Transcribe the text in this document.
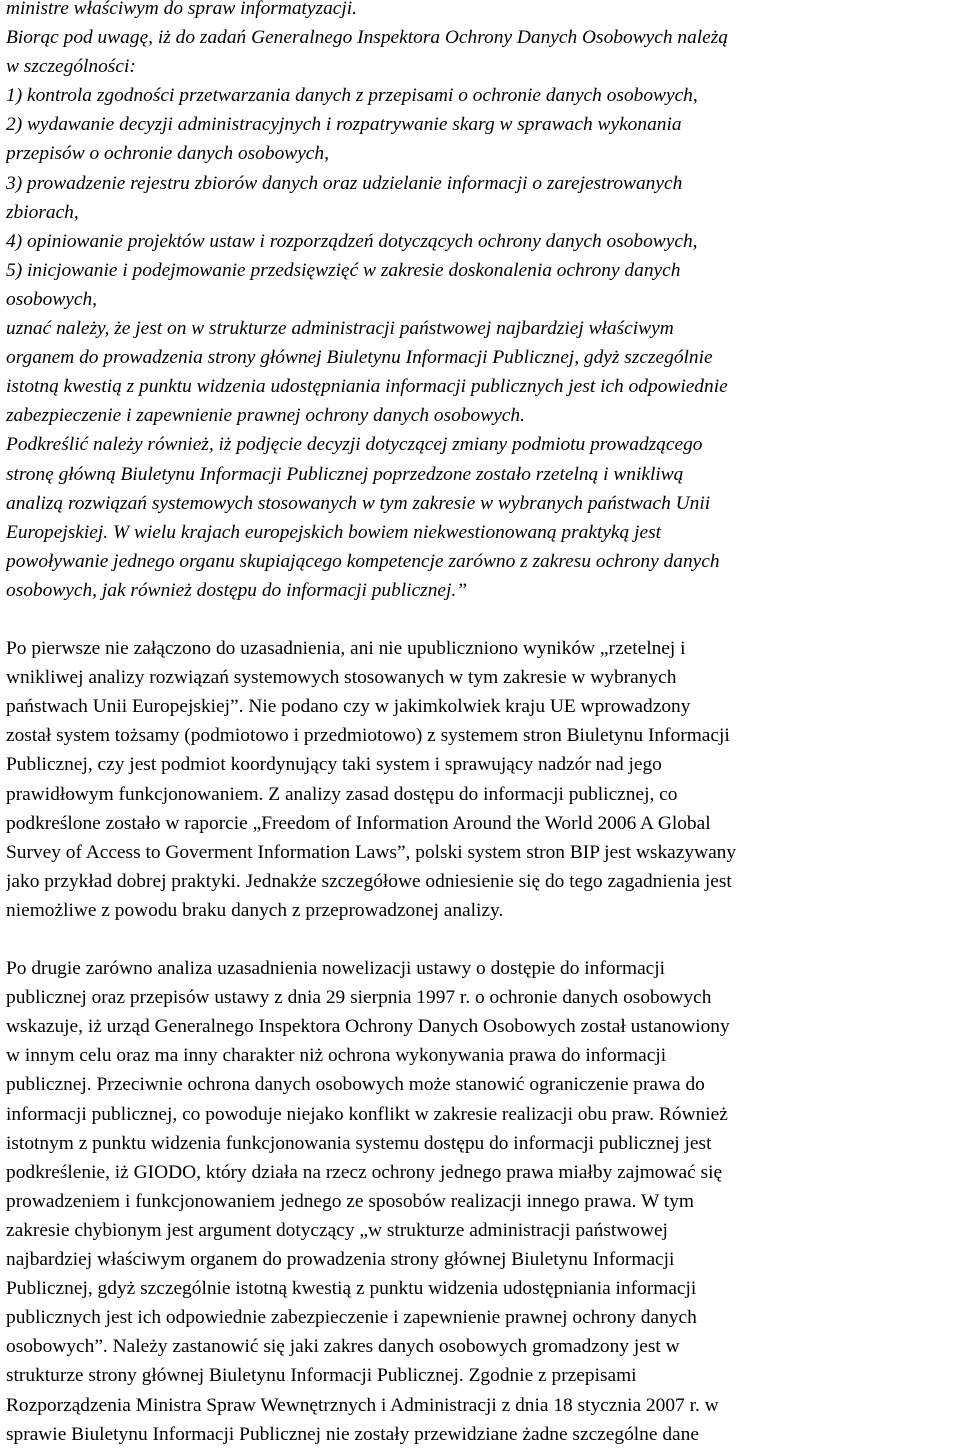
ministre właściwym do spraw informatyzacji.
Biorąc pod uwagę, iż do zadań Generalnego Inspektora Ochrony Danych Osobowych należą
w szczególności:
1) kontrola zgodności przetwarzania danych z przepisami o ochronie danych osobowych,
2) wydawanie decyzji administracyjnych i rozpatrywanie skarg w sprawach wykonania
przepisów o ochronie danych osobowych,
3) prowadzenie rejestru zbiorów danych oraz udzielanie informacji o zarejestrowanych
zbiorach,
4) opiniowanie projektów ustaw i rozporządzeń dotyczących ochrony danych osobowych,
5) inicjowanie i podejmowanie przedsięwzięć w zakresie doskonalenia ochrony danych
osobowych,
uznać należy, że jest on w strukturze administracji państwowej najbardziej właściwym
organem do prowadzenia strony głównej Biuletynu Informacji Publicznej, gdyż szczególnie
istotną kwestią z punktu widzenia udostępniania informacji publicznych jest ich odpowiednie
zabezpieczenie i zapewnienie prawnej ochrony danych osobowych.
Podkreślić należy również, iż podjęcie decyzji dotyczącej zmiany podmiotu prowadzącego
stronę główną Biuletynu Informacji Publicznej poprzedzone zostało rzetelną i wnikliwą
analizą rozwiązań systemowych stosowanych w tym zakresie w wybranych państwach Unii
Europejskiej. W wielu krajach europejskich bowiem niekwestionowaną praktyką jest
powoływanie jednego organu skupiającego kompetencje zarówno z zakresu ochrony danych
osobowych, jak również dostępu do informacji publicznej.”
Po pierwsze nie załączono do uzasadnienia, ani nie upubliczniono wyników „rzetelnej i
wnikliwej analizy rozwiązań systemowych stosowanych w tym zakresie w wybranych
państwach Unii Europejskiej”. Nie podano czy w jakimkolwiek kraju UE wprowadzony
został system tożsamy (podmiotowo i przedmiotowo) z systemem stron Biuletynu Informacji
Publicznej, czy jest podmiot koordynujący taki system i sprawujący nadzór nad jego
prawidłowym funkcjonowaniem. Z analizy zasad dostępu do informacji publicznej, co
podkreślone zostało w raporcie „Freedom of Information Around the World 2006 A Global
Survey of Access to Goverment Information Laws”, polski system stron BIP jest wskazywany
jako przykład dobrej praktyki. Jednakże szczegółowe odniesienie się do tego zagadnienia jest
niemożliwe z powodu braku danych z przeprowadzonej analizy.
Po drugie zarówno analiza uzasadnienia nowelizacji ustawy o dostępie do informacji
publicznej oraz przepisów ustawy z dnia 29 sierpnia 1997 r. o ochronie danych osobowych
wskazuje, iż urząd Generalnego Inspektora Ochrony Danych Osobowych został ustanowiony
w innym celu oraz ma inny charakter niż ochrona wykonywania prawa do informacji
publicznej. Przeciwnie ochrona danych osobowych może stanowić ograniczenie prawa do
informacji publicznej, co powoduje niejako konflikt w zakresie realizacji obu praw. Również
istotnym z punktu widzenia funkcjonowania systemu dostępu do informacji publicznej jest
podkreślenie, iż GIODO, który działa na rzecz ochrony jednego prawa miałby zajmować się
prowadzeniem i funkcjonowaniem jednego ze sposobów realizacji innego prawa. W tym
zakresie chybionym jest argument dotyczący „w strukturze administracji państwowej
najbardziej właściwym organem do prowadzenia strony głównej Biuletynu Informacji
Publicznej, gdyż szczególnie istotną kwestią z punktu widzenia udostępniania informacji
publicznych jest ich odpowiednie zabezpieczenie i zapewnienie prawnej ochrony danych
osobowych”. Należy zastanowić się jaki zakres danych osobowych gromadzony jest w
strukturze strony głównej Biuletynu Informacji Publicznej. Zgodnie z przepisami
Rozporządzenia Ministra Spraw Wewnętrznych i Administracji z dnia 18 stycznia 2007 r. w
sprawie Biuletynu Informacji Publicznej nie zostały przewidziane żadne szczególne dane
